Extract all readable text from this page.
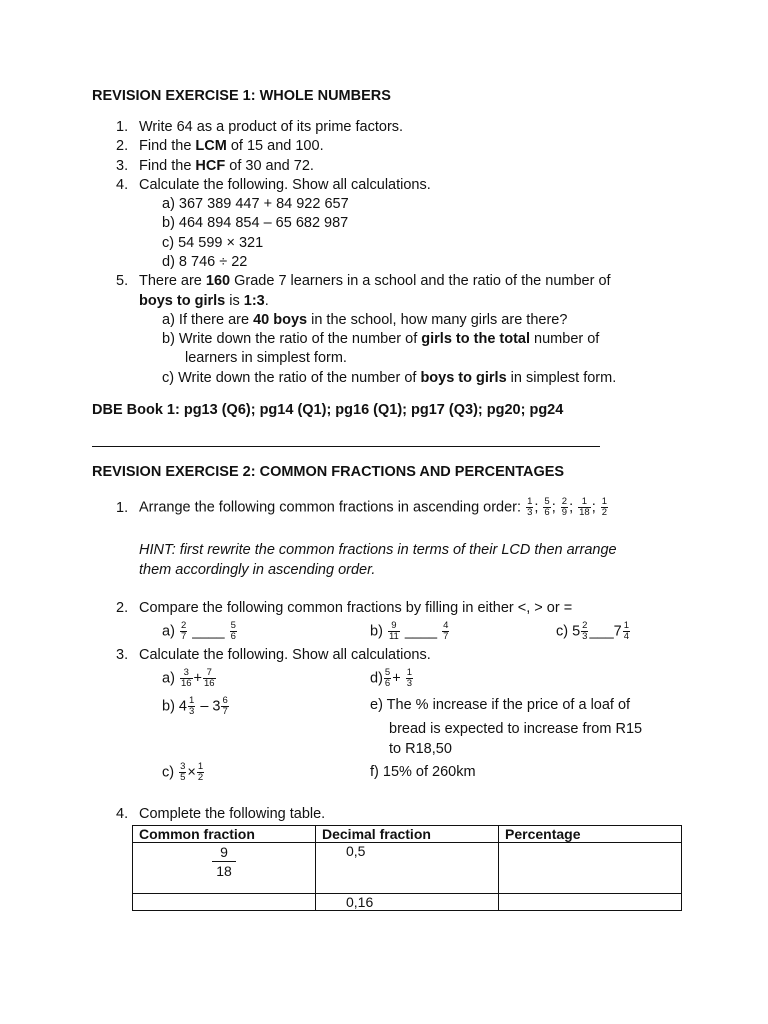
REVISION EXERCISE 1: WHOLE NUMBERS
1. Write 64 as a product of its prime factors.
2. Find the LCM of 15 and 100.
3. Find the HCF of 30 and 72.
4. Calculate the following. Show all calculations.
a) 367 389 447 + 84 922 657
b) 464 894 854 – 65 682 987
c) 54 599 × 321
d) 8 746 ÷ 22
5. There are 160 Grade 7 learners in a school and the ratio of the number of
boys to girls is 1:3.
a) If there are 40 boys in the school, how many girls are there?
b) Write down the ratio of the number of girls to the total number of
learners in simplest form.
c) Write down the ratio of the number of boys to girls in simplest form.
DBE Book 1: pg13 (Q6); pg14 (Q1); pg16 (Q1); pg17 (Q3); pg20; pg24
REVISION EXERCISE 2: COMMON FRACTIONS AND PERCENTAGES
1. Arrange the following common fractions in ascending order: $\frac{1}{3}$ ; $\frac{5}{6}$ ; $\frac{2}{9}$ ; $\frac{1}{18}$ ; $\frac{1}{2}$
HINT: first rewrite the common fractions in terms of their LCD then arrange
them accordingly in ascending order.
2. Compare the following common fractions by filling in either <, > or =
$a) \frac{2}{7}$ ____ $\frac{5}{6}$	$b) \frac{9}{11}$ ____ $\frac{4}{7}$	c) $5 \frac{2}{3}$ ___7 $\frac{1}{4}$
3. Calculate the following. Show all calculations.
$a) \frac{3}{16} + \frac{7}{16}$	$d) \frac{5}{6} + \frac{1}{3}$
b) $4 \frac{1}{3} - 3 \frac{6}{7}$	e) The % increase if the price of a loaf of
bread is expected to increase from R15
to R18,50
$c) \frac{3}{5} \times \frac{1}{2}$	f) 15% of 260km
4. Complete the following table.
Common fraction	Decimal fraction	Percentage

$\frac{9}{18}$	0,5	
	0,16	
